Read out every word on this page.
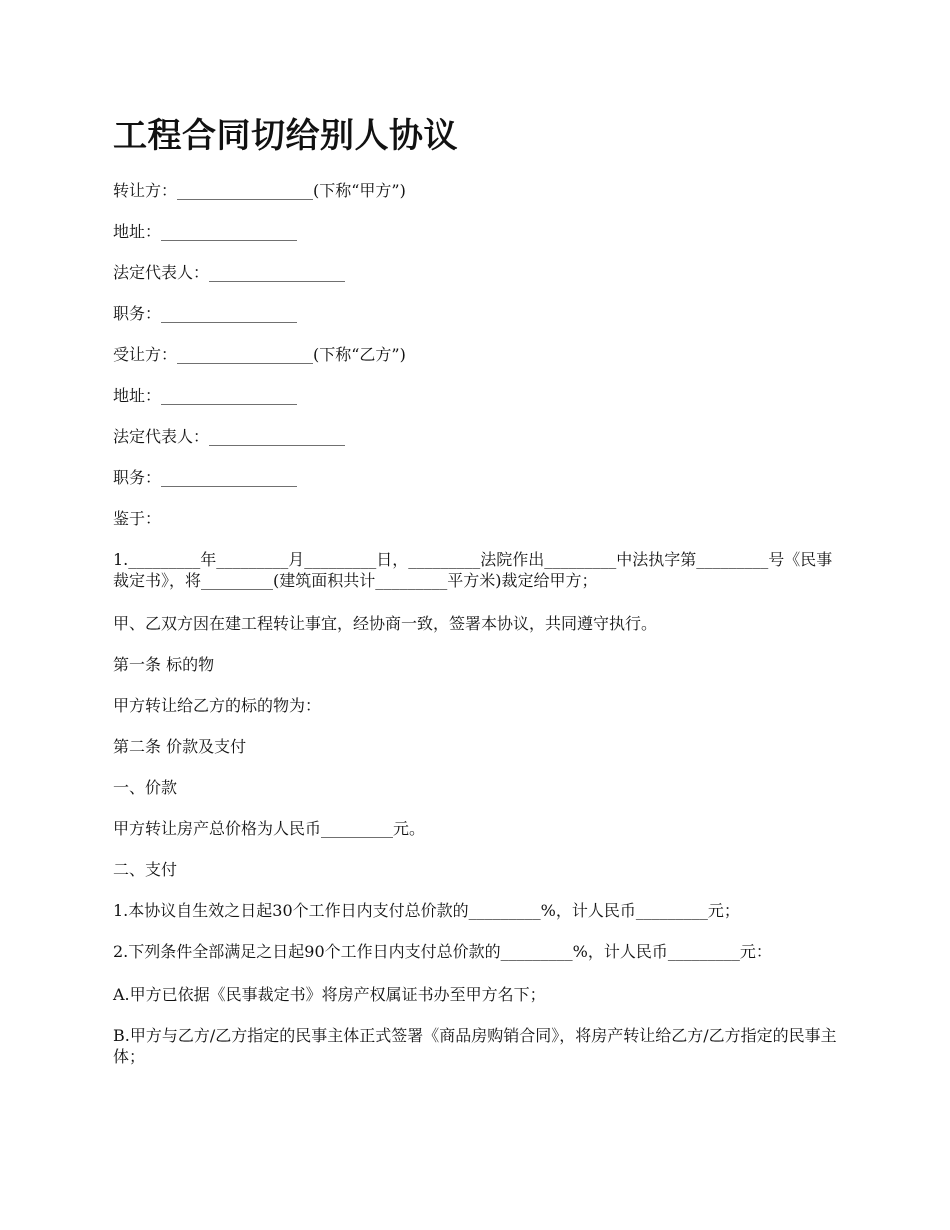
工程合同切给别人协议

转让方：_________________(下称“甲方”)

地址：_________________

法定代表人：_________________

职务：_________________

受让方：_________________(下称“乙方”)

地址：_________________

法定代表人：_________________

职务：_________________

鉴于：

1._________年_________月_________日，_________法院作出_________中法执字第_________号《民事裁定书》，将_________(建筑面积共计_________平方米)裁定给甲方；

甲、乙双方因在建工程转让事宜，经协商一致，签署本协议，共同遵守执行。

第一条 标的物

甲方转让给乙方的标的物为：

第二条 价款及支付

一、价款

甲方转让房产总价格为人民币_________元。

二、支付

1.本协议自生效之日起30个工作日内支付总价款的_________%，计人民币_________元；

2.下列条件全部满足之日起90个工作日内支付总价款的_________%，计人民币_________元：

A.甲方已依据《民事裁定书》将房产权属证书办至甲方名下；

B.甲方与乙方/乙方指定的民事主体正式签署《商品房购销合同》，将房产转让给乙方/乙方指定的民事主体；
